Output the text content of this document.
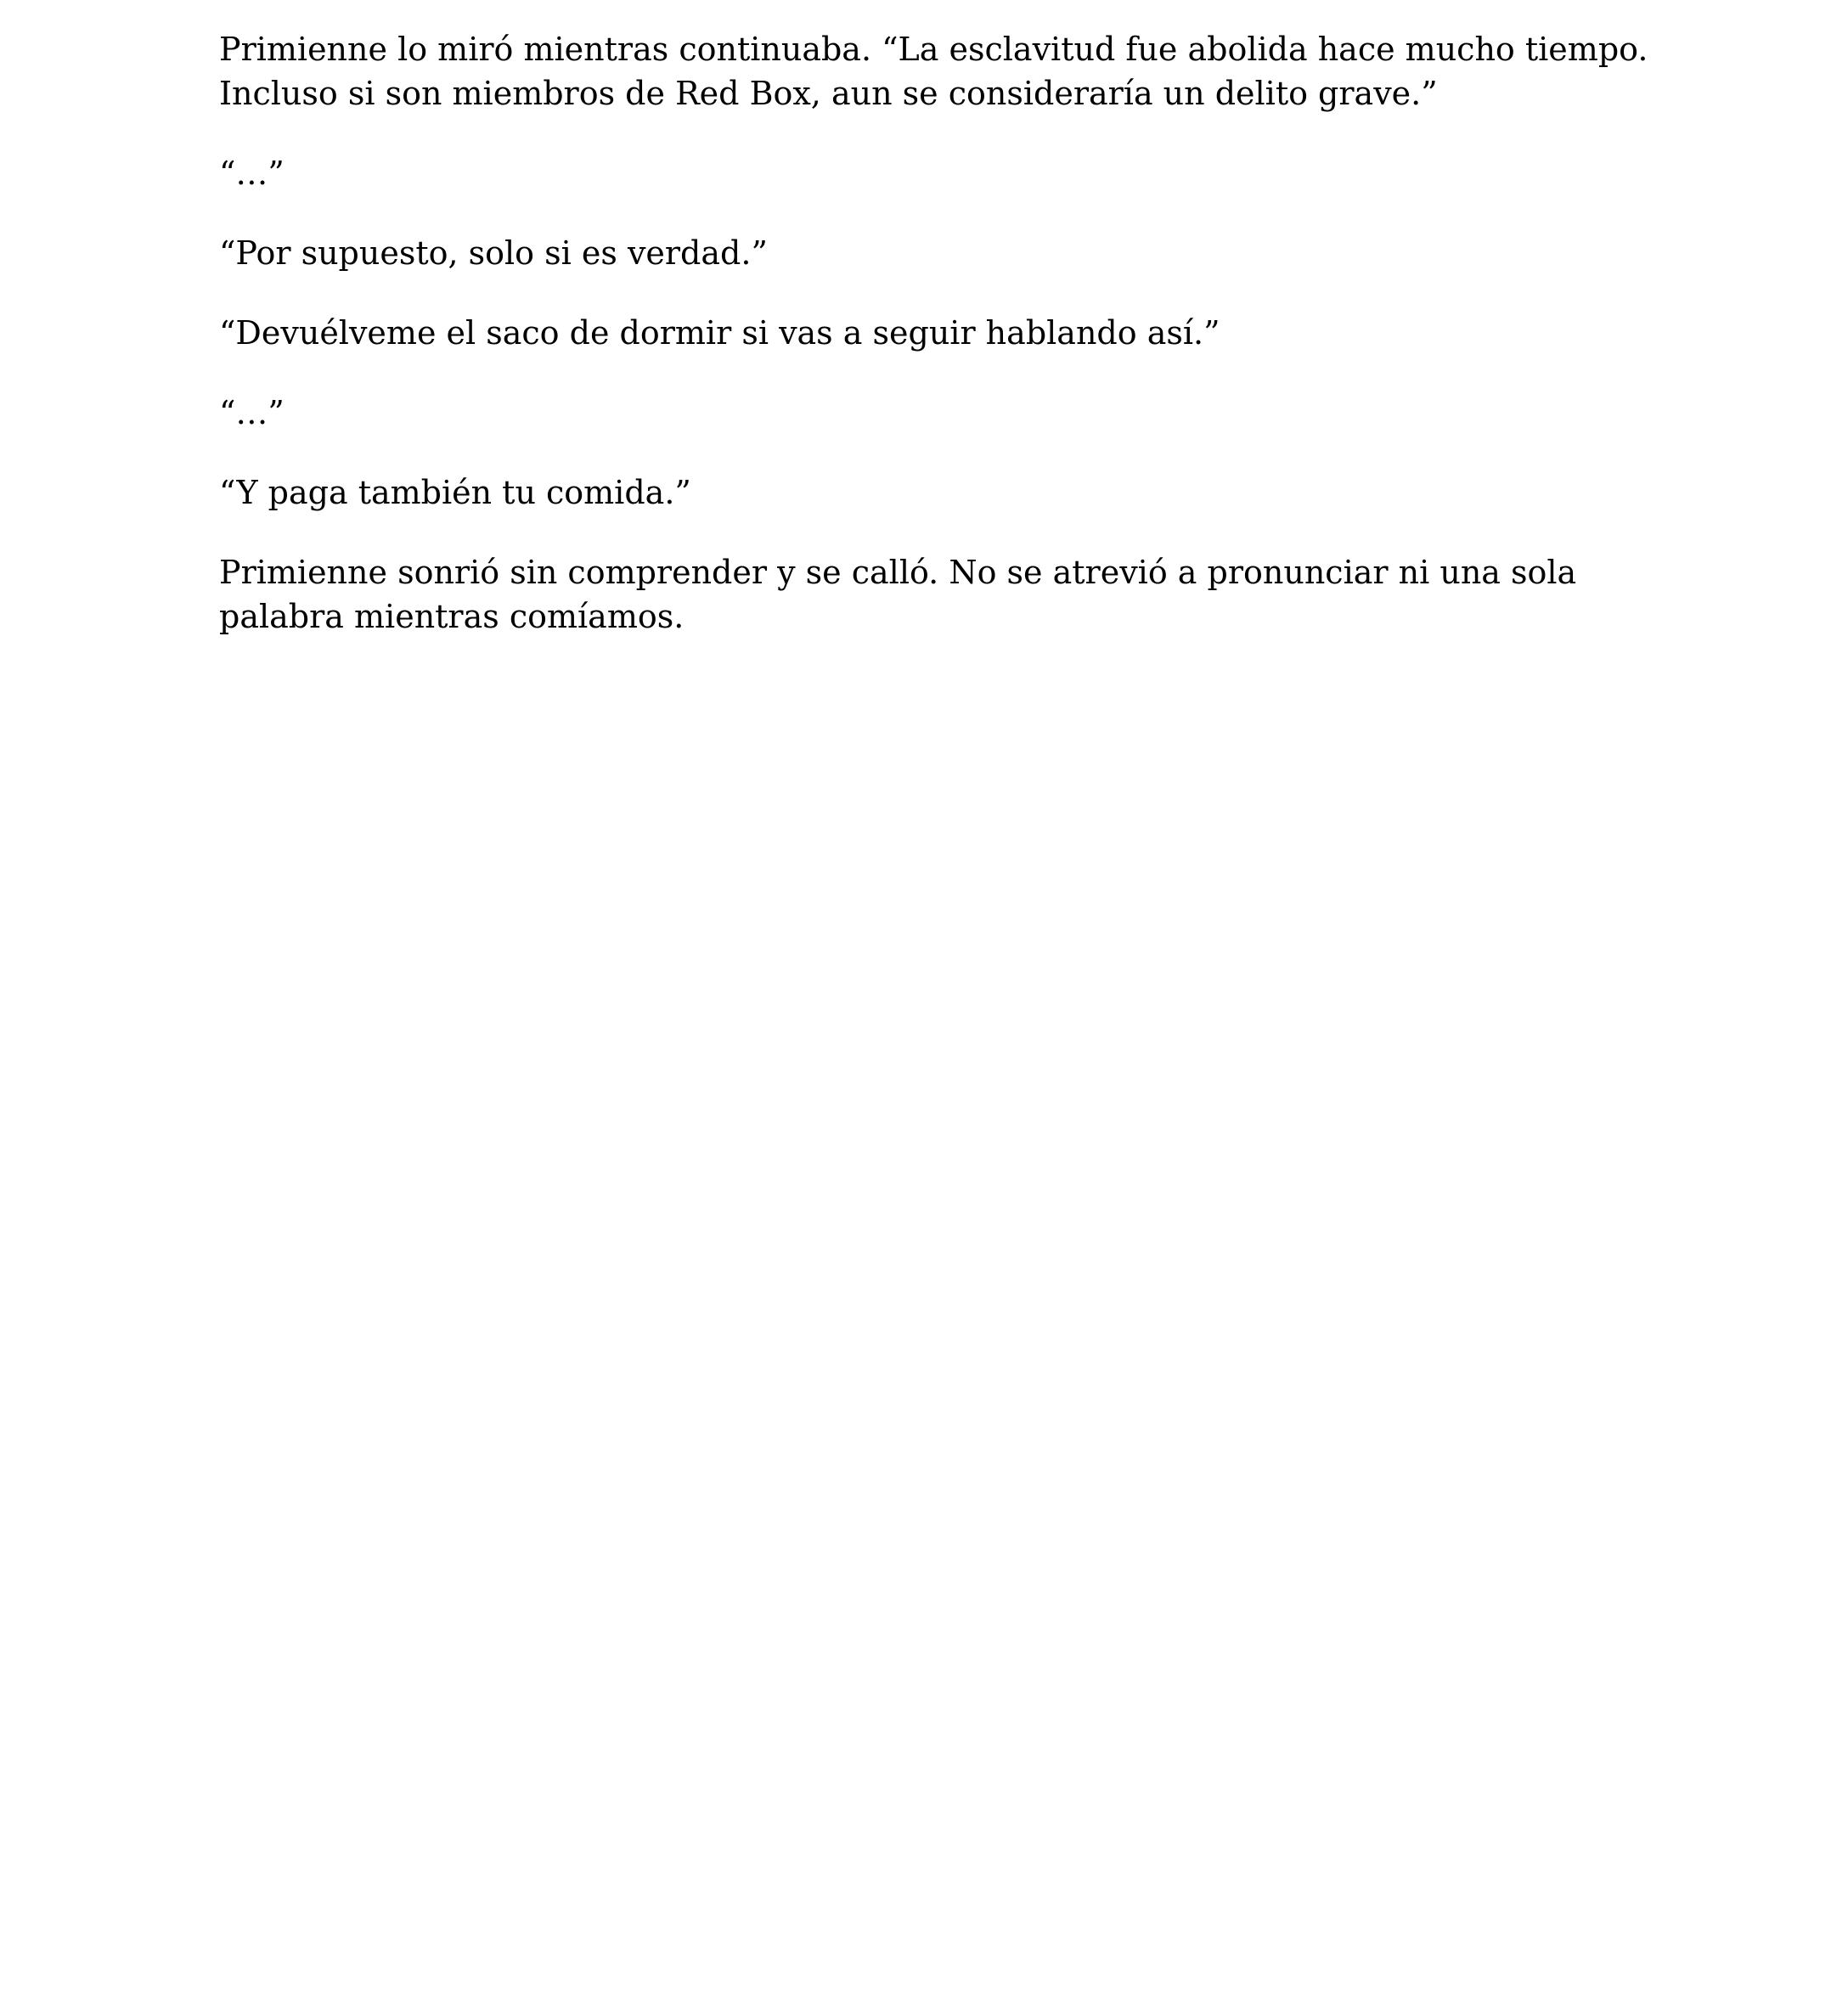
Primienne lo miró mientras continuaba. “La esclavitud fue abolida hace mucho tiempo. Incluso si son miembros de Red Box, aun se consideraría un delito grave.”

“…”

“Por supuesto, solo si es verdad.”

“Devuélveme el saco de dormir si vas a seguir hablando así.”

“…”

“Y paga también tu comida.”

Primienne sonrió sin comprender y se calló. No se atrevió a pronunciar ni una sola palabra mientras comíamos.
